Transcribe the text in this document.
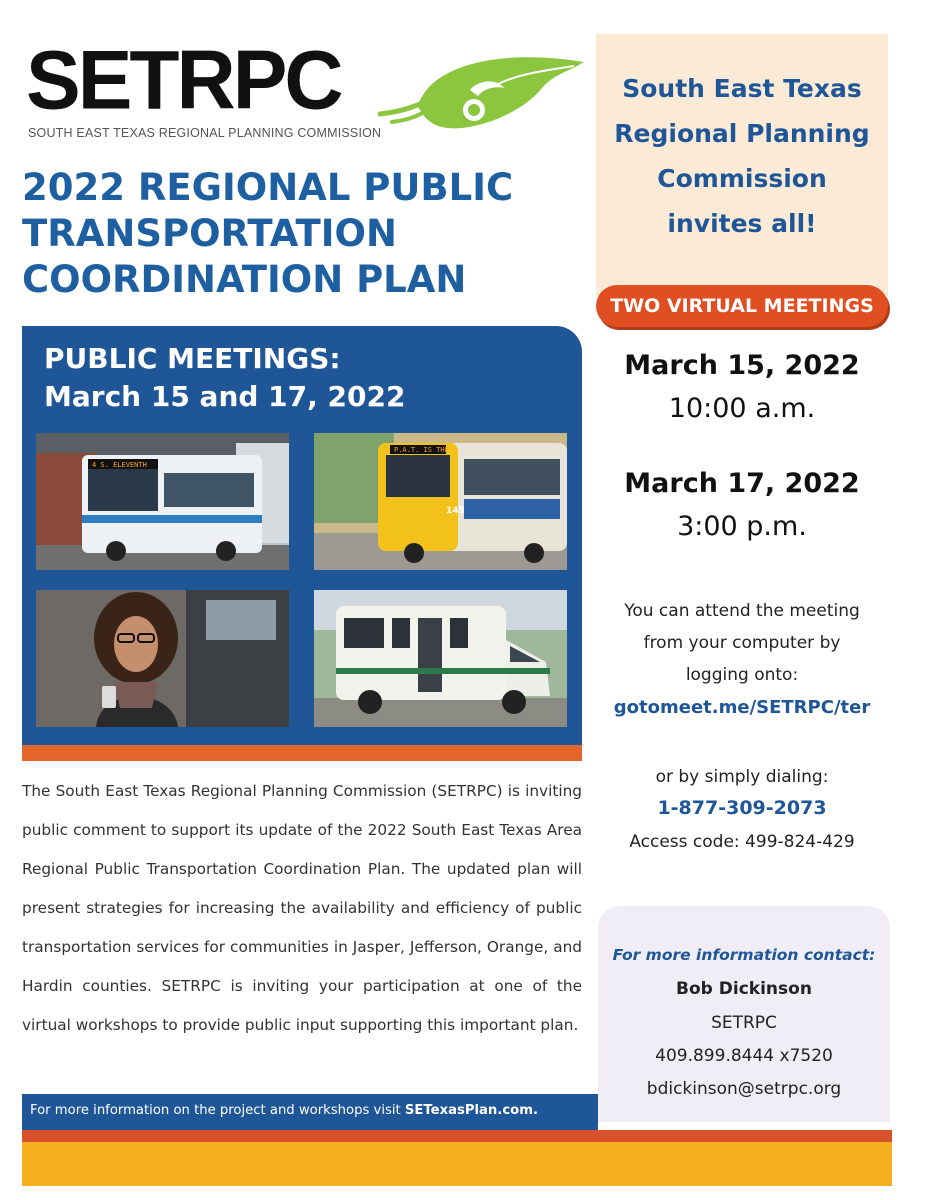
SETRPC
SOUTH EAST TEXAS REGIONAL PLANNING COMMISSION
2022 REGIONAL PUBLIC
TRANSPORTATION
COORDINATION PLAN
PUBLIC MEETINGS:
March 15 and 17, 2022
4 S. ELEVENTH
P.A.T. IS THE
145
The South East Texas Regional Planning Commission (SETRPC) is inviting public comment to support its update of the 2022 South East Texas Area Regional Public Transportation Coordination Plan. The updated plan will present strategies for increasing the availability and efficiency of public transportation services for communities in Jasper, Jefferson, Orange, and Hardin counties. SETRPC is inviting your participation at one of the virtual workshops to provide public input supporting this important plan.
For more information on the project and workshops visit SETexasPlan.com.
South East Texas
Regional Planning
Commission
invites all!
TWO VIRTUAL MEETINGS
March 15, 2022
10:00 a.m.
March 17, 2022
3:00 p.m.
You can attend the meeting
from your computer by
logging onto:
gotomeet.me/SETRPC/ter
or by simply dialing:
1-877-309-2073
Access code: 499-824-429
For more information contact:
Bob Dickinson
SETRPC
409.899.8444 x7520
bdickinson@setrpc.org
